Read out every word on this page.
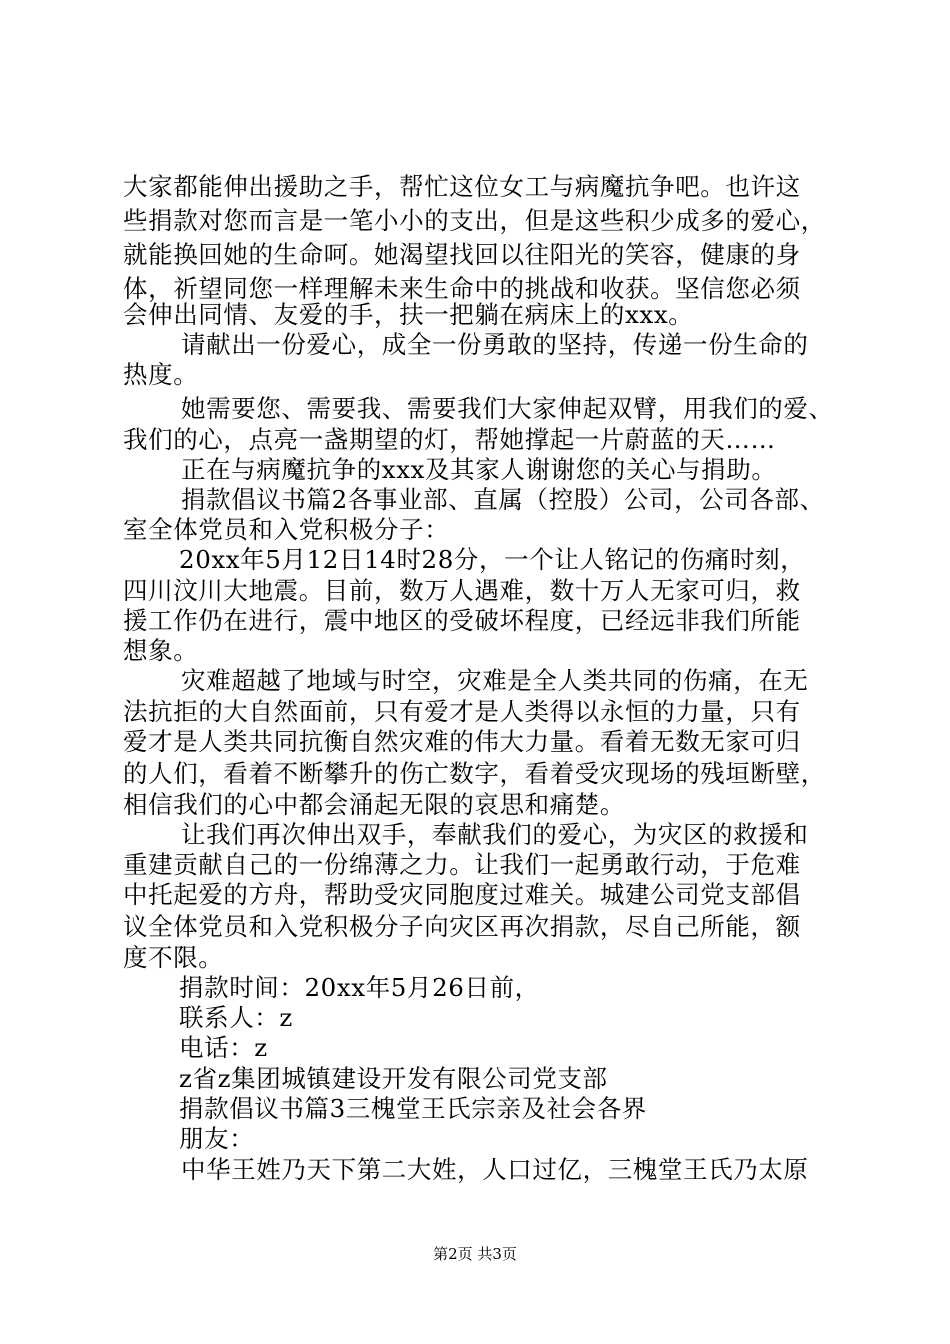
大家都能伸出援助之手，帮忙这位女工与病魔抗争吧。也许这
些捐款对您而言是一笔小小的支出，但是这些积少成多的爱心，
就能换回她的生命呵。她渴望找回以往阳光的笑容，健康的身
体，祈望同您一样理解未来生命中的挑战和收获。坚信您必须
会伸出同情、友爱的手，扶一把躺在病床上的xxx。
请献出一份爱心，成全一份勇敢的坚持，传递一份生命的
热度。
她需要您、需要我、需要我们大家伸起双臂，用我们的爱、
我们的心，点亮一盏期望的灯，帮她撑起一片蔚蓝的天……
正在与病魔抗争的xxx及其家人谢谢您的关心与捐助。
捐款倡议书篇2各事业部、直属（控股）公司，公司各部、
室全体党员和入党积极分子：
20xx年5月12日14时28分，一个让人铭记的伤痛时刻，
四川汶川大地震。目前，数万人遇难，数十万人无家可归，救
援工作仍在进行，震中地区的受破坏程度，已经远非我们所能
想象。
灾难超越了地域与时空，灾难是全人类共同的伤痛，在无
法抗拒的大自然面前，只有爱才是人类得以永恒的力量，只有
爱才是人类共同抗衡自然灾难的伟大力量。看着无数无家可归
的人们，看着不断攀升的伤亡数字，看着受灾现场的残垣断壁，
相信我们的心中都会涌起无限的哀思和痛楚。
让我们再次伸出双手，奉献我们的爱心，为灾区的救援和
重建贡献自己的一份绵薄之力。让我们一起勇敢行动，于危难
中托起爱的方舟，帮助受灾同胞度过难关。城建公司党支部倡
议全体党员和入党积极分子向灾区再次捐款，尽自己所能，额
度不限。
捐款时间：20xx年5月26日前，
联系人：z
电话：z
z省z集团城镇建设开发有限公司党支部
捐款倡议书篇3三槐堂王氏宗亲及社会各界
朋友：
中华王姓乃天下第二大姓，人口过亿，三槐堂王氏乃太原
第2页 共3页
